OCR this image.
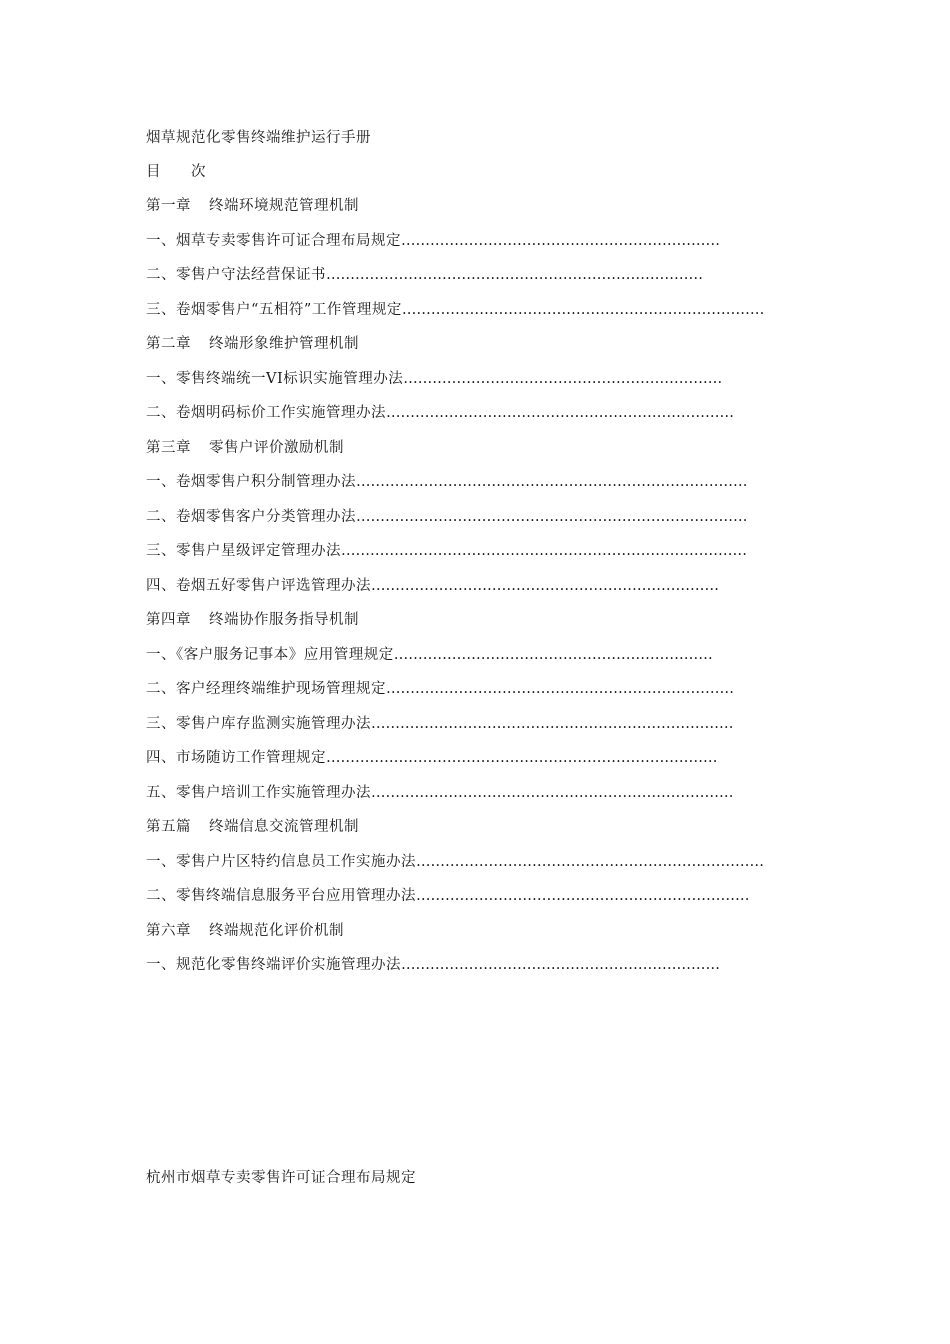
烟草规范化零售终端维护运行手册
目 次
第一章 终端环境规范管理机制
一、烟草专卖零售许可证合理布局规定…………………………………………………………
二、零售户守法经营保证书……………………………………………………………………
三、卷烟零售户“五相符”工作管理规定…………………………………………………………………
第二章 终端形象维护管理机制
一、零售终端统一VI标识实施管理办法…………………………………………………………
二、卷烟明码标价工作实施管理办法………………………………………………………………
第三章 零售户评价激励机制
一、卷烟零售户积分制管理办法………………………………………………………………………
二、卷烟零售客户分类管理办法………………………………………………………………………
三、零售户星级评定管理办法…………………………………………………………………………
四、卷烟五好零售户评选管理办法………………………………………………………………
第四章 终端协作服务指导机制
一、《客户服务记事本》应用管理规定…………………………………………………………
二、客户经理终端维护现场管理规定………………………………………………………………
三、零售户库存监测实施管理办法…………………………………………………………………
四、市场随访工作管理规定………………………………………………………………………
五、零售户培训工作实施管理办法…………………………………………………………………
第五篇 终端信息交流管理机制
一、零售户片区特约信息员工作实施办法………………………………………………………………
二、零售终端信息服务平台应用管理办法……………………………………………………………
第六章 终端规范化评价机制
一、规范化零售终端评价实施管理办法…………………………………………………………
杭州市烟草专卖零售许可证合理布局规定
